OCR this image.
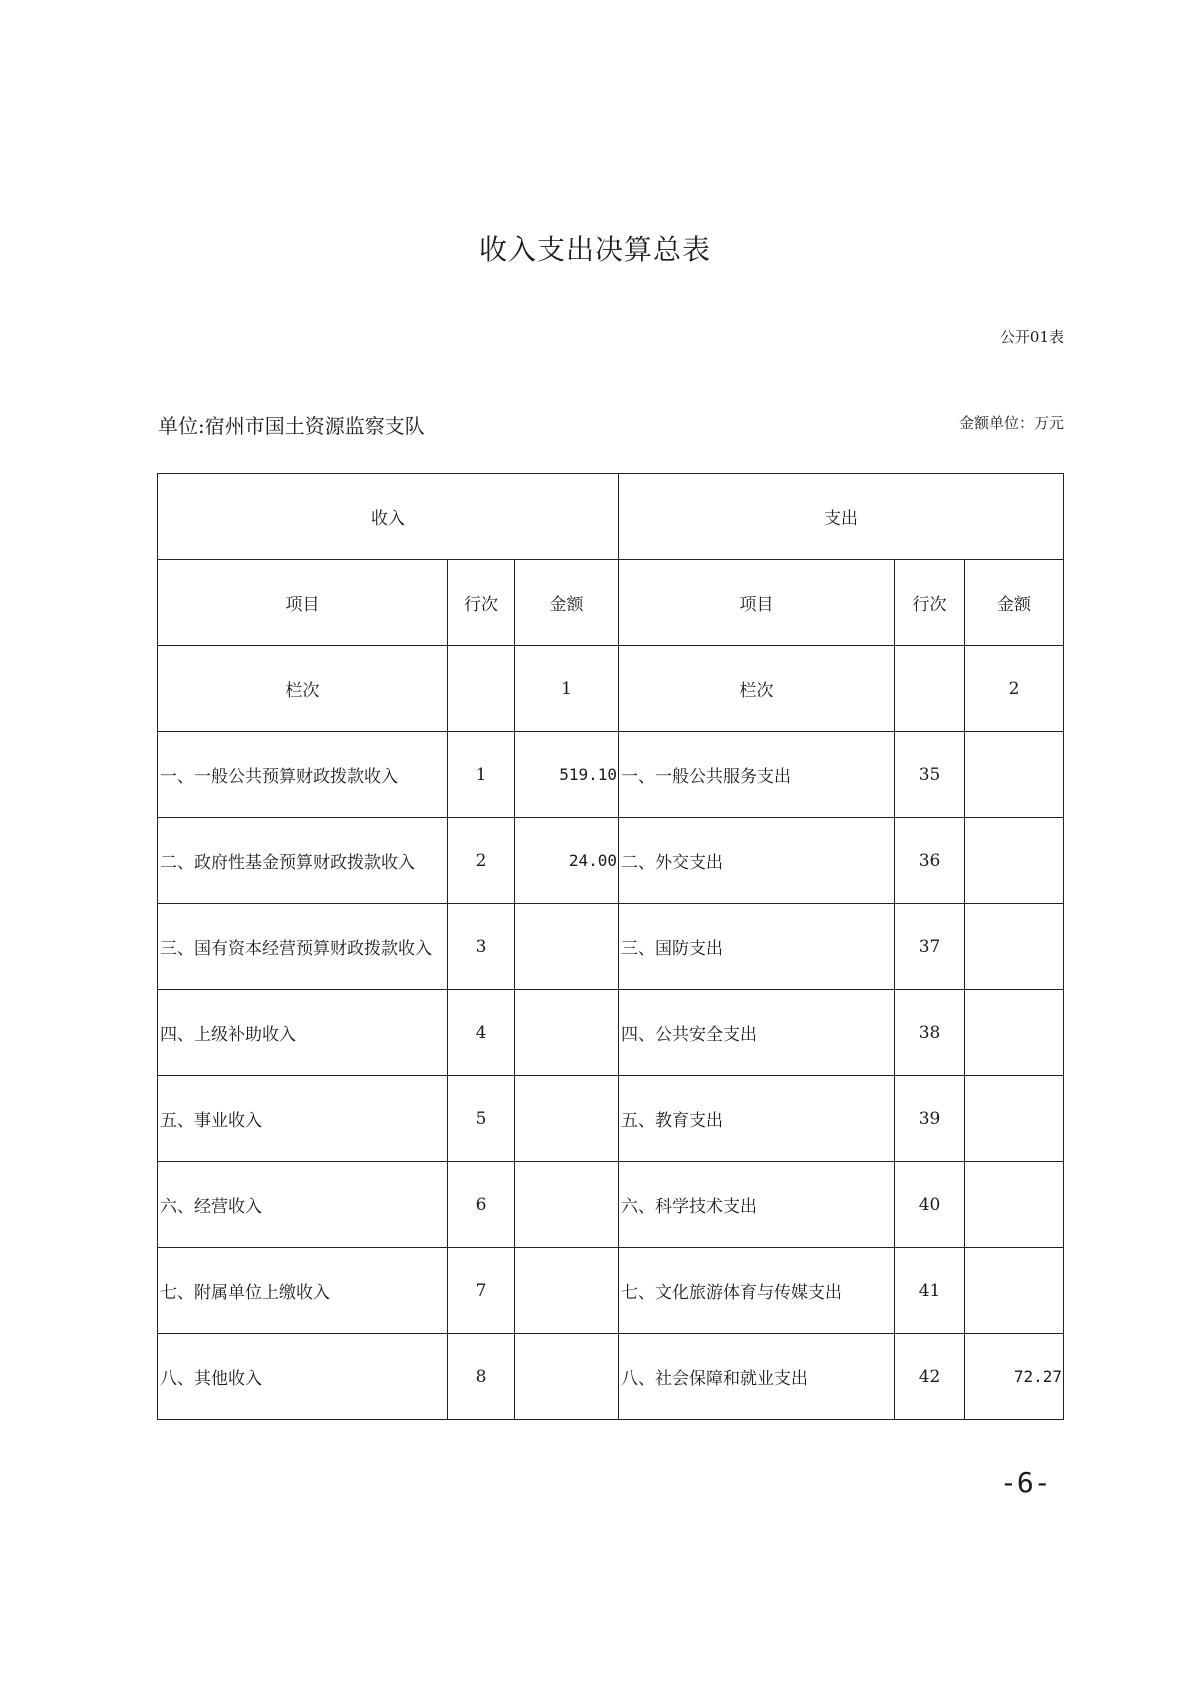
收入支出决算总表
公开01表
单位:宿州市国土资源监察支队	金额单位：万元
收入			支出		
项目	行次	金额	项目	行次	金额
栏次		1	栏次		2
一、一般公共预算财政拨款收入	1	519.10	一、一般公共服务支出	35	
二、政府性基金预算财政拨款收入	2	24.00	二、外交支出	36	
三、国有资本经营预算财政拨款收入	3		三、国防支出	37	
四、上级补助收入	4		四、公共安全支出	38	
五、事业收入	5		五、教育支出	39	
六、经营收入	6		六、科学技术支出	40	
七、附属单位上缴收入	7		七、文化旅游体育与传媒支出	41	
八、其他收入	8		八、社会保障和就业支出	42	72.27
-6-
